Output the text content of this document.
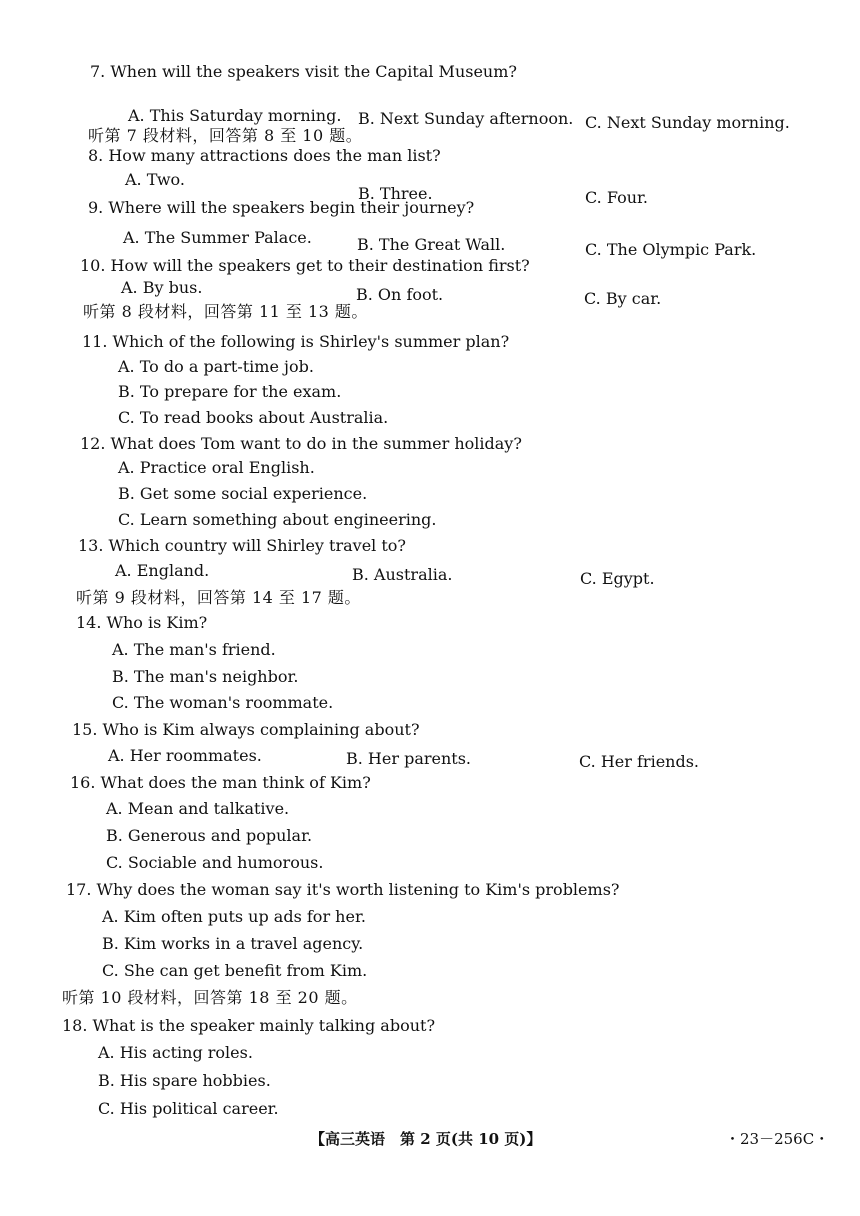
7. When will the speakers visit the Capital Museum?
A. This Saturday morning. B. Next Sunday afternoon. C. Next Sunday morning.
听第 7 段材料，回答第 8 至 10 题。
8. How many attractions does the man list?
A. Two.
B. Three.	C. Four.
9. Where will the speakers begin their journey?
A. The Summer Palace.	B. The Great Wall.	C. The Olympic Park.
10. How will the speakers get to their destination first?
A. By bus.	B. On foot.	C. By car.
听第 8 段材料，回答第 11 至 13 题。
11. Which of the following is Shirley's summer plan?
A. To do a part-time job.
B. To prepare for the exam.
C. To read books about Australia.
12. What does Tom want to do in the summer holiday?
A. Practice oral English.
B. Get some social experience.
C. Learn something about engineering.
13. Which country will Shirley travel to?
A. England.	B. Australia.	C. Egypt.
听第 9 段材料，回答第 14 至 17 题。
14. Who is Kim?
A. The man's friend.
B. The man's neighbor.
C. The woman's roommate.
15. Who is Kim always complaining about?
A. Her roommates.	B. Her parents.	C. Her friends.
16. What does the man think of Kim?
A. Mean and talkative.
B. Generous and popular.
C. Sociable and humorous.
17. Why does the woman say it's worth listening to Kim's problems?
A. Kim often puts up ads for her.
B. Kim works in a travel agency.
C. She can get benefit from Kim.
听第 10 段材料，回答第 18 至 20 题。
18. What is the speaker mainly talking about?
A. His acting roles.
B. His spare hobbies.
C. His political career.
【高三英语　第 2 页(共 10 页)】	・23－256C・
